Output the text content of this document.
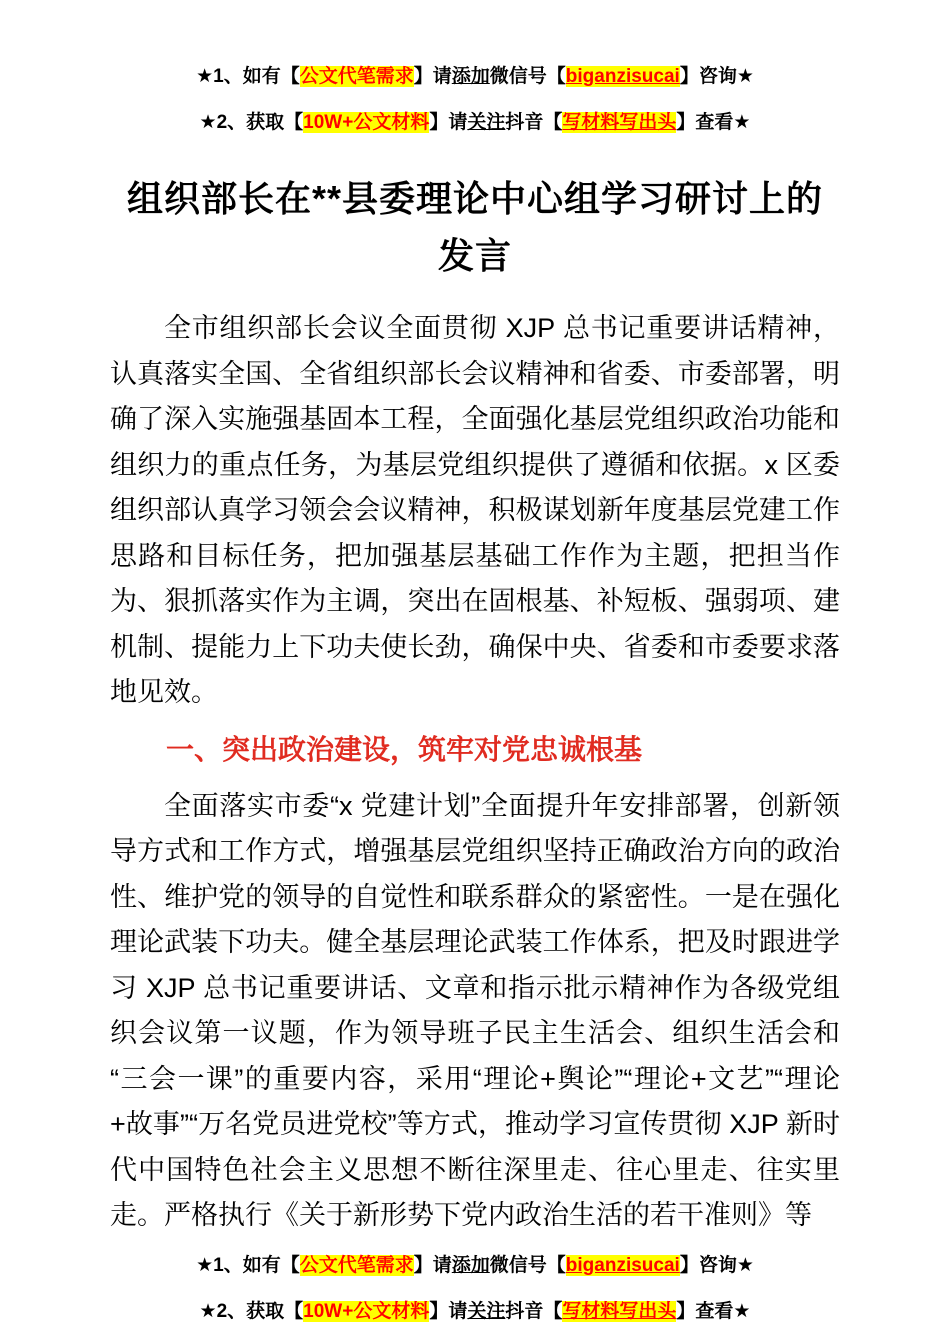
★1、如有【公文代笔需求】请添加微信号【biganzisucai】咨询★
★2、获取【10W+公文材料】请关注抖音【写材料写出头】查看★
组织部长在**县委理论中心组学习研讨上的发言

全市组织部长会议全面贯彻 XJP 总书记重要讲话精神，认真落实全国、全省组织部长会议精神和省委、市委部署，明确了深入实施强基固本工程，全面强化基层党组织政治功能和组织力的重点任务，为基层党组织提供了遵循和依据。x 区委组织部认真学习领会会议精神，积极谋划新年度基层党建工作思路和目标任务，把加强基层基础工作作为主题，把担当作为、狠抓落实作为主调，突出在固根基、补短板、强弱项、建机制、提能力上下功夫使长劲，确保中央、省委和市委要求落地见效。

一、突出政治建设，筑牢对党忠诚根基

全面落实市委“x 党建计划”全面提升年安排部署，创新领导方式和工作方式，增强基层党组织坚持正确政治方向的政治性、维护党的领导的自觉性和联系群众的紧密性。一是在强化理论武装下功夫。健全基层理论武装工作体系，把及时跟进学习 XJP 总书记重要讲话、文章和指示批示精神作为各级党组织会议第一议题，作为领导班子民主生活会、组织生活会和“三会一课”的重要内容，采用“理论+舆论”“理论+文艺”“理论+故事”“万名党员进党校”等方式，推动学习宣传贯彻 XJP 新时代中国特色社会主义思想不断往深里走、往心里走、往实里走。严格执行《关于新形势下党内政治生活的若干准则》等

★1、如有【公文代笔需求】请添加微信号【biganzisucai】咨询★
★2、获取【10W+公文材料】请关注抖音【写材料写出头】查看★
